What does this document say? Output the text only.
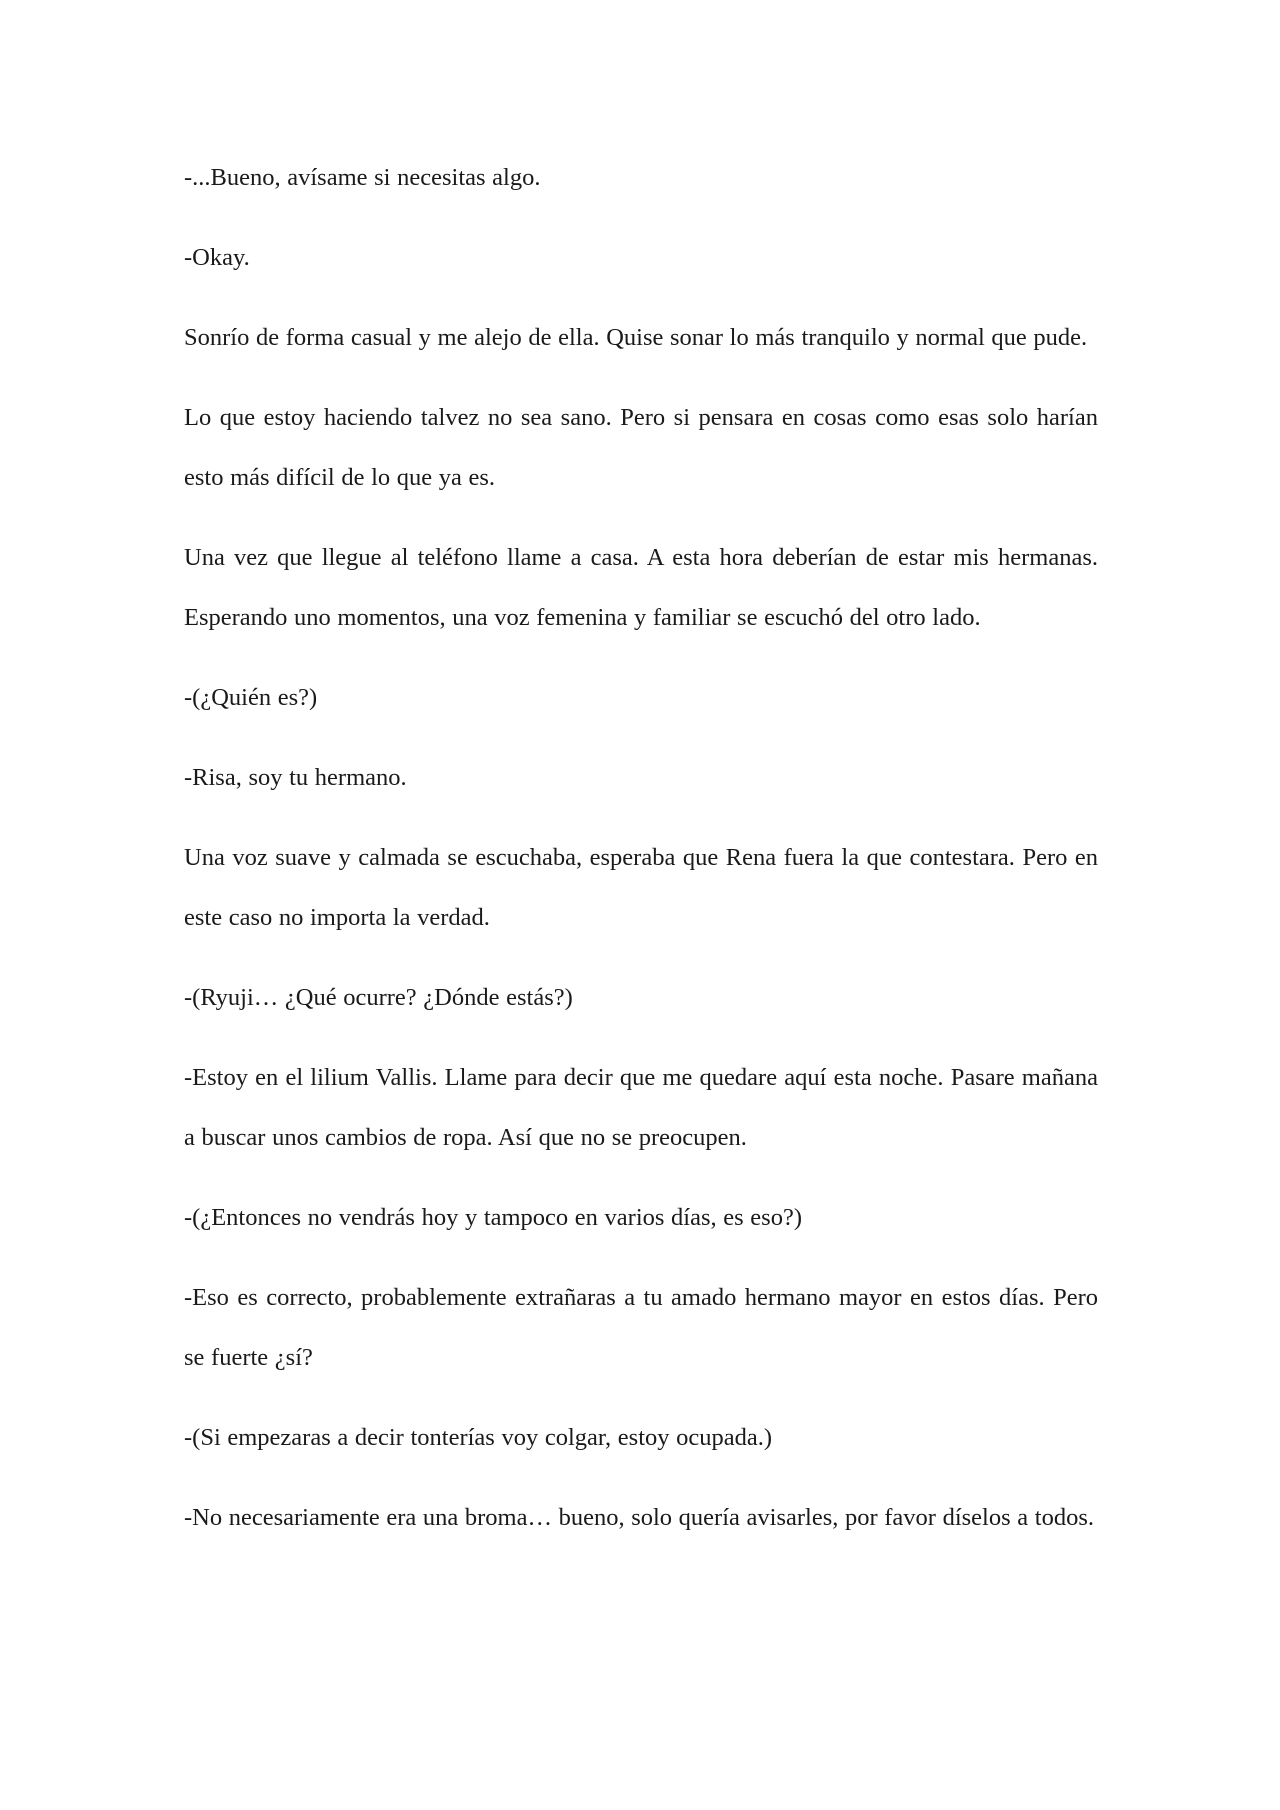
-...Bueno, avísame si necesitas algo.

-Okay.

Sonrío de forma casual y me alejo de ella. Quise sonar lo más tranquilo y normal que pude.

Lo que estoy haciendo talvez no sea sano. Pero si pensara en cosas como esas solo harían esto más difícil de lo que ya es.

Una vez que llegue al teléfono llame a casa. A esta hora deberían de estar mis hermanas. Esperando uno momentos, una voz femenina y familiar se escuchó del otro lado.

-(¿Quién es?)

-Risa, soy tu hermano.

Una voz suave y calmada se escuchaba, esperaba que Rena fuera la que contestara. Pero en este caso no importa la verdad.

-(Ryuji… ¿Qué ocurre? ¿Dónde estás?)

-Estoy en el lilium Vallis. Llame para decir que me quedare aquí esta noche. Pasare mañana a buscar unos cambios de ropa. Así que no se preocupen.

-(¿Entonces no vendrás hoy y tampoco en varios días, es eso?)

-Eso es correcto, probablemente extrañaras a tu amado hermano mayor en estos días. Pero se fuerte ¿sí?

-(Si empezaras a decir tonterías voy colgar, estoy ocupada.)

-No necesariamente era una broma… bueno, solo quería avisarles, por favor díselos a todos.
